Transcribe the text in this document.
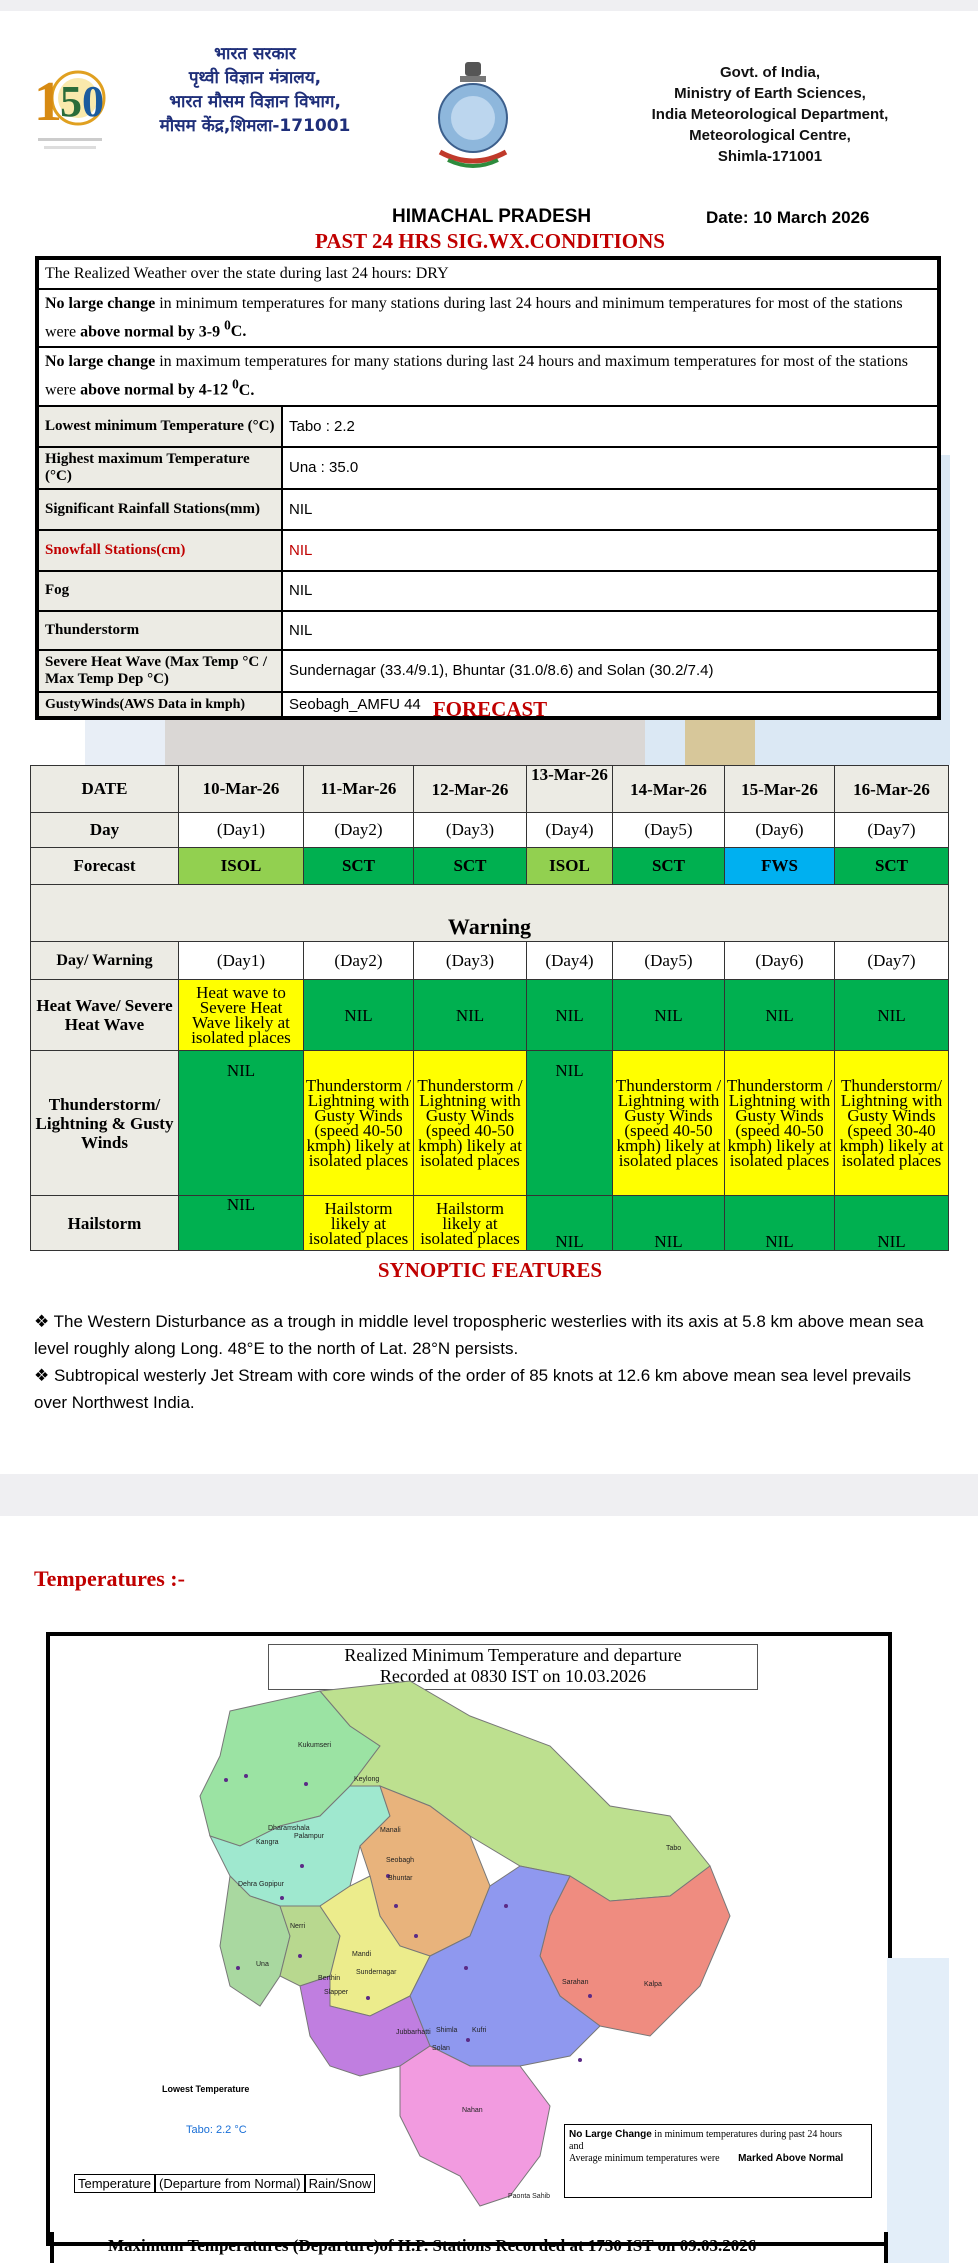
1
5 0
भारत सरकार
पृथ्वी विज्ञान मंत्रालय,
भारत मौसम विज्ञान विभाग,
मौसम केंद्र,शिमला-171001
Govt. of India,
Ministry of Earth Sciences,
India Meteorological Department,
Meteorological Centre,
Shimla-171001
HIMACHAL PRADESH	Date: 10 March 2026
PAST 24 HRS SIG.WX.CONDITIONS
The Realized Weather over the state during last 24 hours: DRY	
No large change in minimum temperatures for many stations during last 24 hours and minimum temperatures for most of the stations were above normal by 3-9 $^0$C.	
No large change in maximum temperatures for many stations during last 24 hours and maximum temperatures for most of the stations were above normal by 4-12 $^0$C.	
Lowest minimum Temperature (°C)	Tabo : 2.2
Highest maximum Temperature (°C)	Una : 35.0
Significant Rainfall Stations(mm)	NIL
Snowfall Stations(cm)	NIL
Fog	NIL
Thunderstorm	NIL
Severe Heat Wave (Max Temp °C / Max Temp Dep °C)	Sundernagar (33.4/9.1), Bhuntar (31.0/8.6) and Solan (30.2/7.4)
GustyWinds(AWS Data in kmph)	Seobagh_AMFU 44 FORECAST
DATE	10-Mar-26	11-Mar-26	12-Mar-26	13-Mar-26	14-Mar-26	15-Mar-26	16-Mar-26
Day	(Day1)	(Day2)	(Day3)	(Day4)	(Day5)	(Day6)	(Day7)
Forecast	ISOL	SCT	SCT	ISOL	SCT	FWS	SCT
Warning							
Day/ Warning	(Day1)	(Day2)	(Day3)	(Day4)	(Day5)	(Day6)	(Day7)
Heat Wave/ Severe Heat Wave	Heat wave to Severe Heat Wave likely at isolated places	NIL	NIL	NIL	NIL	NIL	NIL
Thunderstorm/ Lightning & Gusty Winds	NIL	Thunderstorm / Lightning with Gusty Winds (speed 40-50 kmph) likely at isolated places	Thunderstorm / Lightning with Gusty Winds (speed 40-50 kmph) likely at isolated places	NIL	Thunderstorm / Lightning with Gusty Winds (speed 40-50 kmph) likely at isolated places	Thunderstorm / Lightning with Gusty Winds (speed 40-50 kmph) likely at isolated places	Thunderstorm/ Lightning with Gusty Winds (speed 30-40 kmph) likely at isolated places
Hailstorm	NIL	Hailstorm likely at isolated places	Hailstorm likely at isolated places	NIL	NIL	NIL	NIL
SYNOPTIC FEATURES

❖ The Western Disturbance as a trough in middle level tropospheric westerlies with its axis at 5.8 km above mean sea level roughly along Long. 48°E to the north of Lat. 28°N persists.

❖ Subtropical westerly Jet Stream with core winds of the order of 85 knots at 12.6 km above mean sea level prevails over Northwest India.

Temperatures :-
Realized Minimum Temperature and departure
Recorded at 0830 IST on 10.03.2026
Kukumseri
Keylong
Dharamshala
Kangra
Palampur
Manali
Seobagh
Bhuntar
Dehra Gopipur
Tabo
Nerri
Mandi
Sundernagar
Una
Berthin
Slapper
Kalpa
Sarahan
Jubbarhatti Shimla Kufri
Solan
Nahan
Paonta Sahib
Lowest Temperature
Tabo: 2.2 °C
Temperature (Departure from Normal) Rain/Snow
No Large Change in minimum temperatures during past 24 hours
and
Average minimum temperatures were Marked Above Normal
Maximum Temperatures (Departure)of H.P. Stations Recorded at 1730 IST on 09.03.2026
